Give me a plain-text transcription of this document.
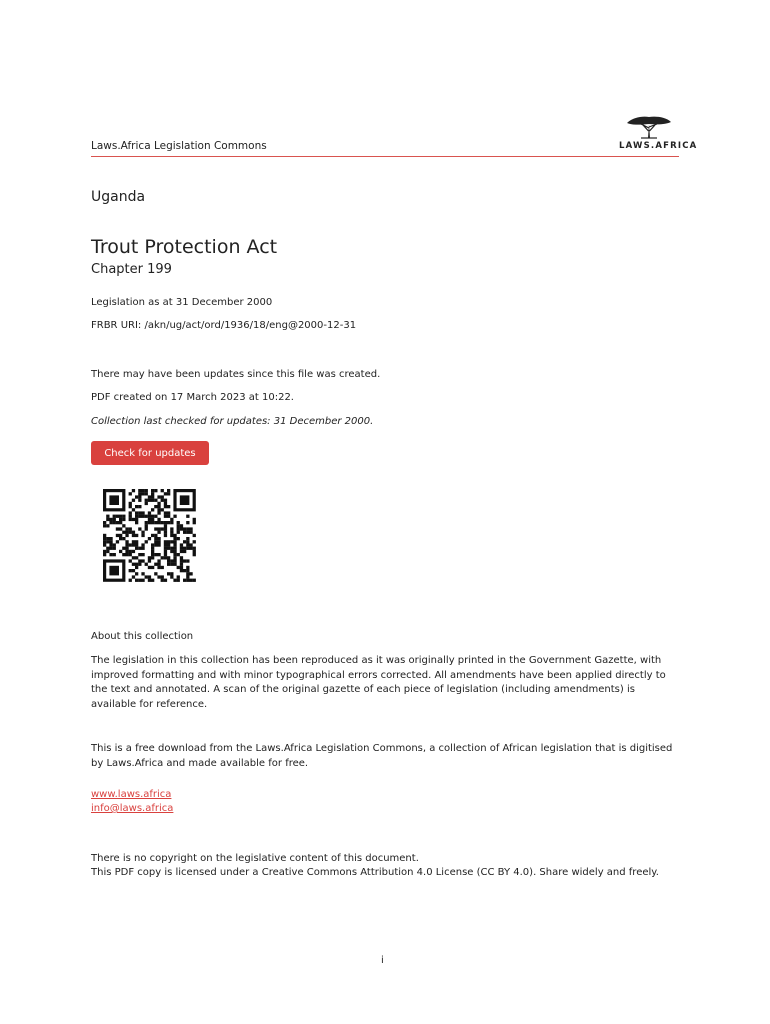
Laws.Africa Legislation Commons	LAWS.AFRICA
Uganda
Trout Protection Act
Chapter 199
Legislation as at 31 December 2000
FRBR URI: /akn/ug/act/ord/1936/18/eng@2000-12-31
There may have been updates since this file was created.
PDF created on 17 March 2023 at 10:22.
Collection last checked for updates: 31 December 2000.
Check for updates
About this collection
The legislation in this collection has been reproduced as it was originally printed in the Government Gazette, with improved formatting and with minor typographical errors corrected. All amendments have been applied directly to the text and annotated. A scan of the original gazette of each piece of legislation (including amendments) is available for reference.
This is a free download from the Laws.Africa Legislation Commons, a collection of African legislation that is digitised by Laws.Africa and made available for free.
www.laws.africa
info@laws.africa
There is no copyright on the legislative content of this document.
This PDF copy is licensed under a Creative Commons Attribution 4.0 License (CC BY 4.0). Share widely and freely.
i
